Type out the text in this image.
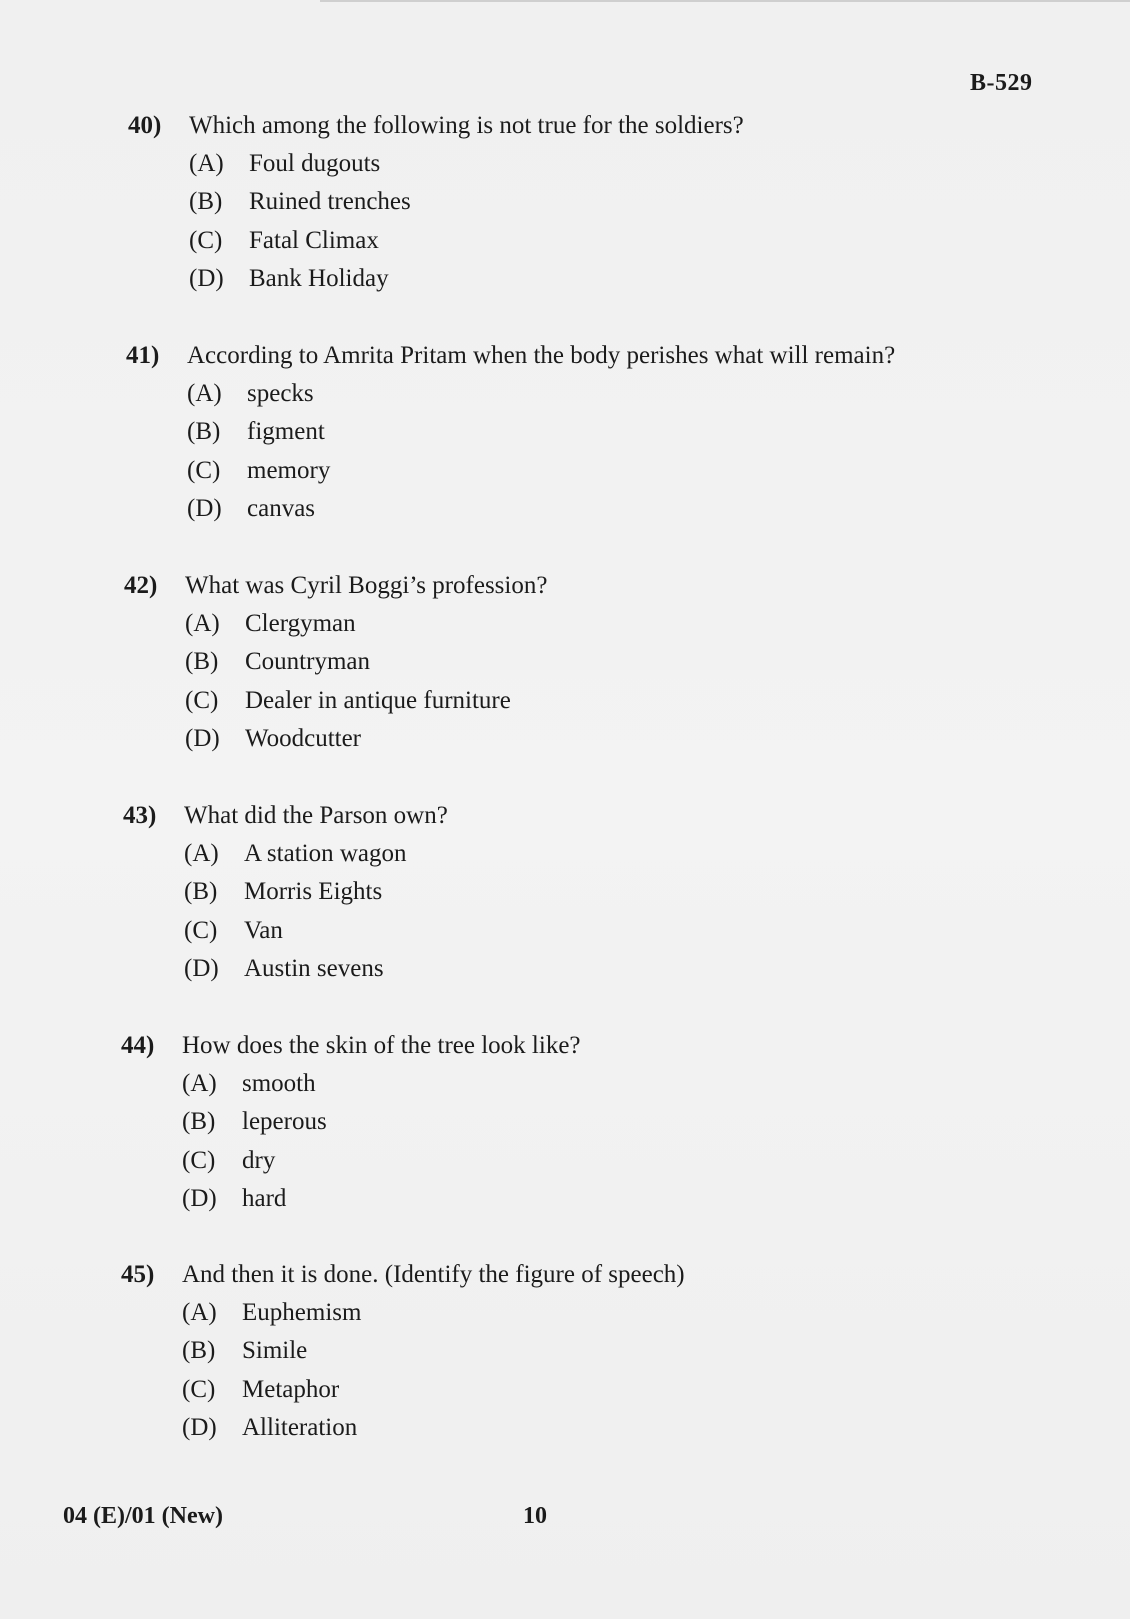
B-529
40)	Which among the following is not true for the soldiers?
(A)	Foul dugouts
(B)	Ruined trenches
(C)	Fatal Climax
(D)	Bank Holiday
41)	According to Amrita Pritam when the body perishes what will remain?
(A)	specks
(B)	figment
(C)	memory
(D)	canvas
42)	What was Cyril Boggi’s profession?
(A)	Clergyman
(B)	Countryman
(C)	Dealer in antique furniture
(D)	Woodcutter
43)	What did the Parson own?
(A)	A station wagon
(B)	Morris Eights
(C)	Van
(D)	Austin sevens
44)	How does the skin of the tree look like?
(A)	smooth
(B)	leperous
(C)	dry
(D)	hard
45)	And then it is done. (Identify the figure of speech)
(A)	Euphemism
(B)	Simile
(C)	Metaphor
(D)	Alliteration
04 (E)/01 (New)	10
